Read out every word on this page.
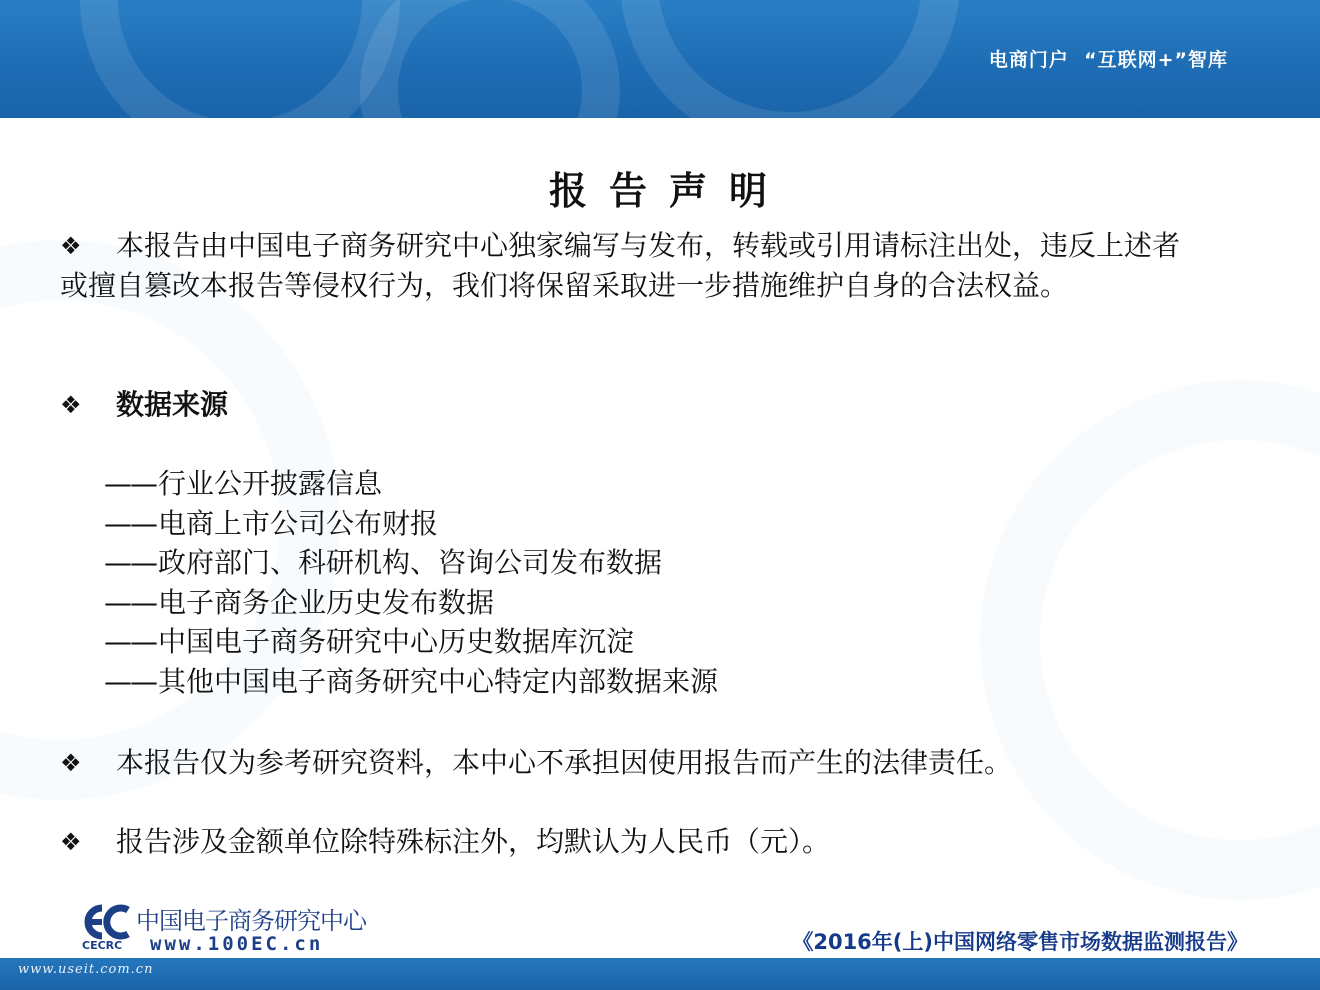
电商门户  “互联网+”智库
报告声明
❖ 本报告由中国电子商务研究中心独家编写与发布，转载或引用请标注出处，违反上述者或擅自篡改本报告等侵权行为，我们将保留采取进一步措施维护自身的合法权益。
❖ 数据来源
——行业公开披露信息
——电商上市公司公布财报
——政府部门、科研机构、咨询公司发布数据
——电子商务企业历史发布数据
——中国电子商务研究中心历史数据库沉淀
——其他中国电子商务研究中心特定内部数据来源
❖ 本报告仅为参考研究资料，本中心不承担因使用报告而产生的法律责任。
❖ 报告涉及金额单位除特殊标注外，均默认为人民币（元）。
中国电子商务研究中心
CECRC www.100EC.cn	《2016年(上)中国网络零售市场数据监测报告》
www.useit.com.cn
